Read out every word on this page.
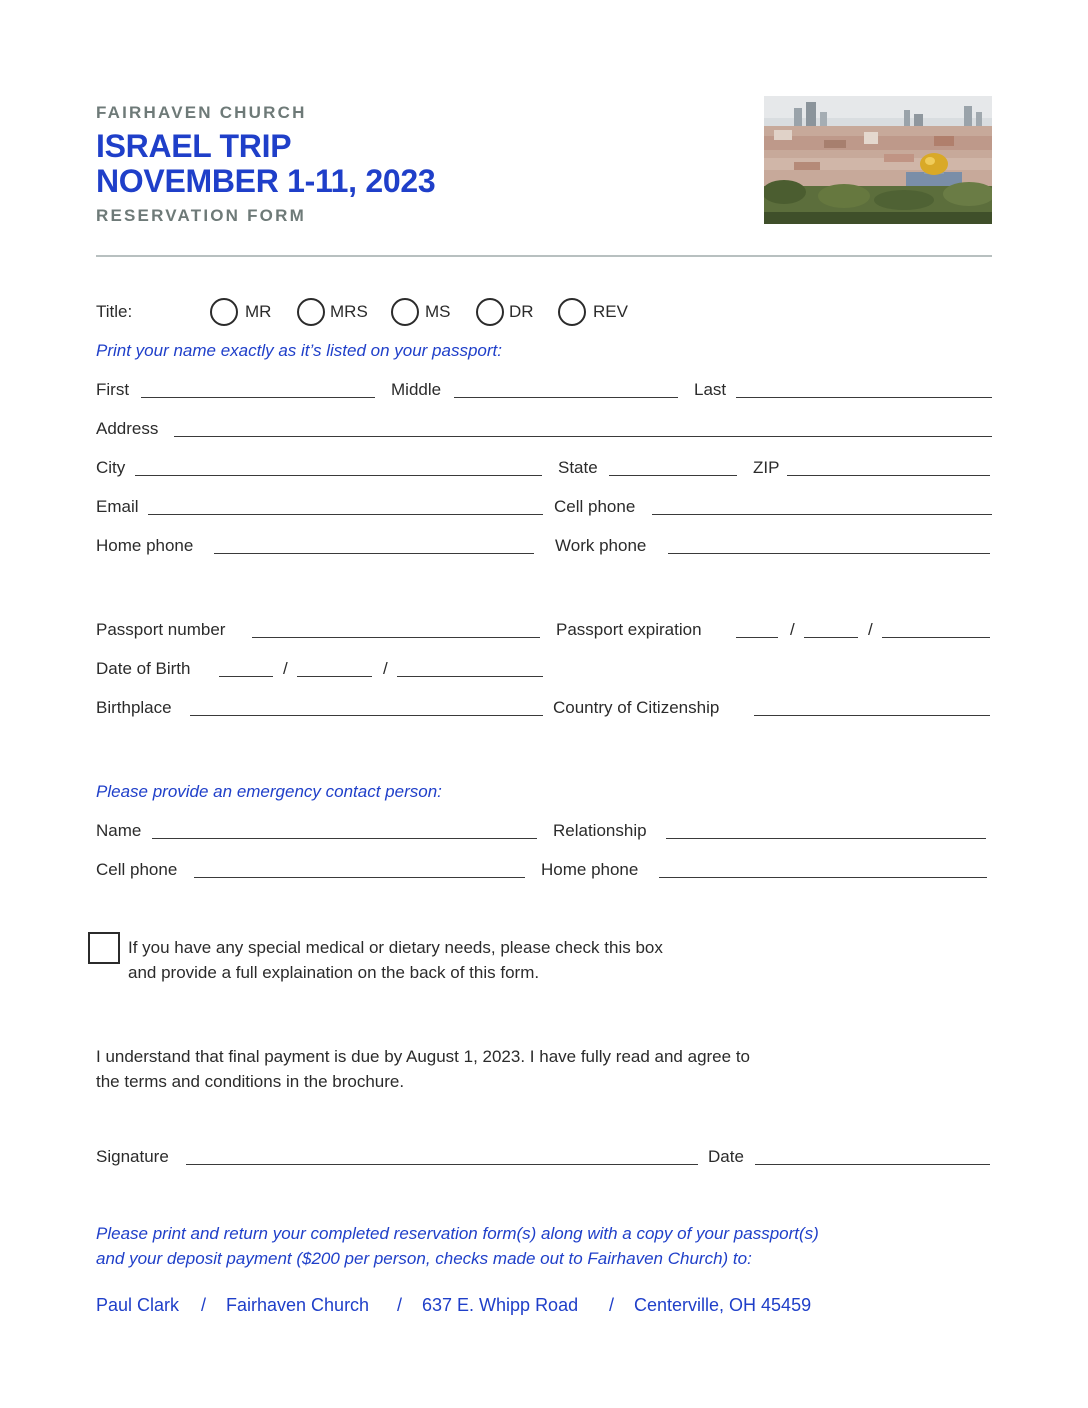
FAIRHAVEN CHURCH
ISRAEL TRIP
NOVEMBER 1-11, 2023
RESERVATION FORM
Title:	MR	MRS	MS	DR	REV
Print your name exactly as it’s listed on your passport:
First	Middle	Last
Address
City	State	ZIP
Email	Cell phone
Home phone	Work phone
Passport number	Passport expiration	/	/
Date of Birth	/	/
Birthplace	Country of Citizenship
Please provide an emergency contact person:
Name	Relationship
Cell phone	Home phone
If you have any special medical or dietary needs, please check this box
and provide a full explaination on the back of this form.
I understand that final payment is due by August 1, 2023. I have fully read and agree to
the terms and conditions in the brochure.
Signature	Date
Please print and return your completed reservation form(s) along with a copy of your passport(s)
and your deposit payment ($200 per person, checks made out to Fairhaven Church) to:
Paul Clark / Fairhaven Church / 637 E. Whipp Road / Centerville, OH 45459
